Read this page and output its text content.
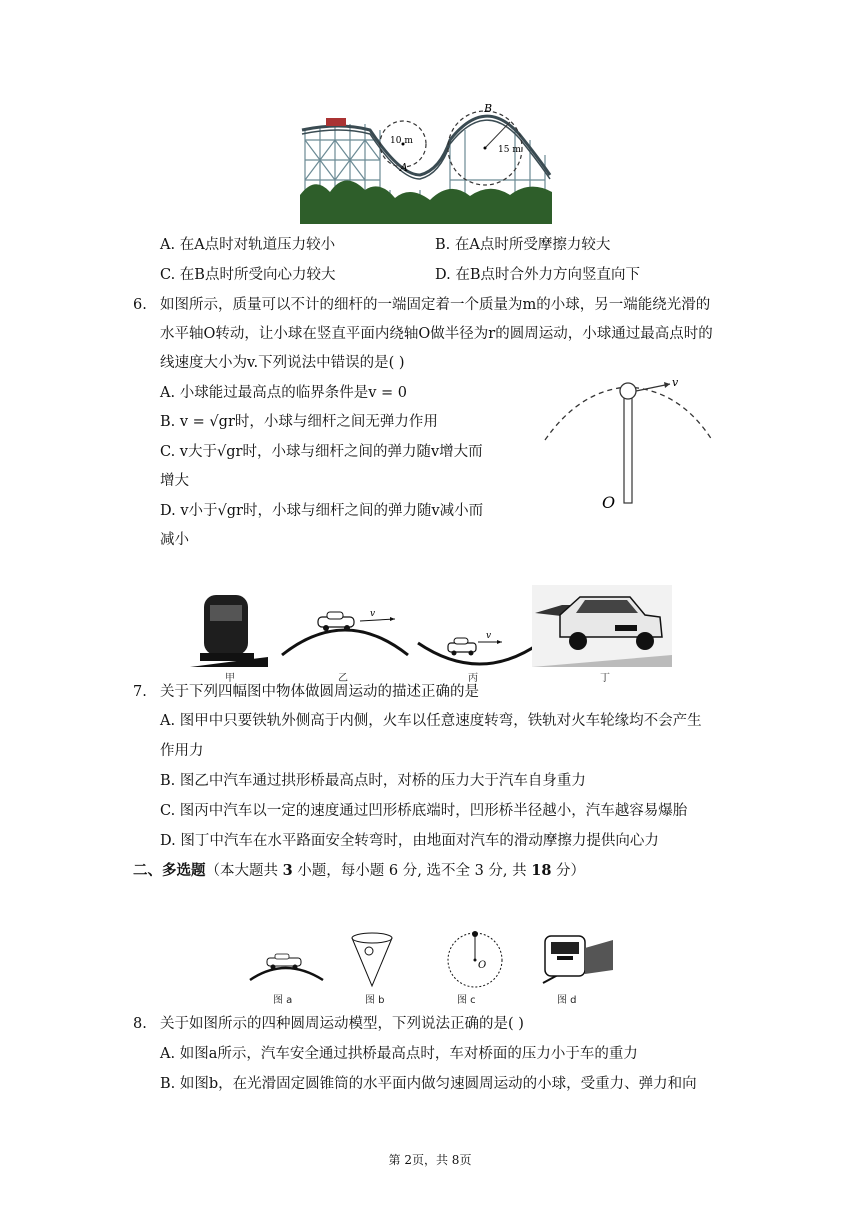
B
A
10 m
15 m
A. 在A点时对轨道压力较小	B. 在A点时所受摩擦力较大
C. 在B点时所受向心力较大	D. 在B点时合外力方向竖直向下
6. 如图所示，质量可以不计的细杆的一端固定着一个质量为m的小球，另一端能绕光滑的
水平轴O转动，让小球在竖直平面内绕轴O做半径为r的圆周运动，小球通过最高点时的
线速度大小为v.下列说法中错误的是( )
A. 小球能过最高点的临界条件是v = 0
B. v = √gr时，小球与细杆之间无弹力作用
C. v大于√gr时，小球与细杆之间的弹力随v增大而
增大
D. v小于√gr时，小球与细杆之间的弹力随v减小而
减小
v
O
v
v
甲	乙	丙	丁
7. 关于下列四幅图中物体做圆周运动的描述正确的是
A. 图甲中只要铁轨外侧高于内侧，火车以任意速度转弯，铁轨对火车轮缘均不会产生
作用力
B. 图乙中汽车通过拱形桥最高点时，对桥的压力大于汽车自身重力
C. 图丙中汽车以一定的速度通过凹形桥底端时，凹形桥半径越小，汽车越容易爆胎
D. 图丁中汽车在水平路面安全转弯时，由地面对汽车的滑动摩擦力提供向心力
二、多选题（本大题共 3 小题，每小题 6 分, 选不全 3 分, 共 18 分）
O
图 a	图 b	图 c	图 d
8. 关于如图所示的四种圆周运动模型，下列说法正确的是( )
A. 如图a所示，汽车安全通过拱桥最高点时，车对桥面的压力小于车的重力
B. 如图b，在光滑固定圆锥筒的水平面内做匀速圆周运动的小球，受重力、弹力和向
第 2页，共 8页
